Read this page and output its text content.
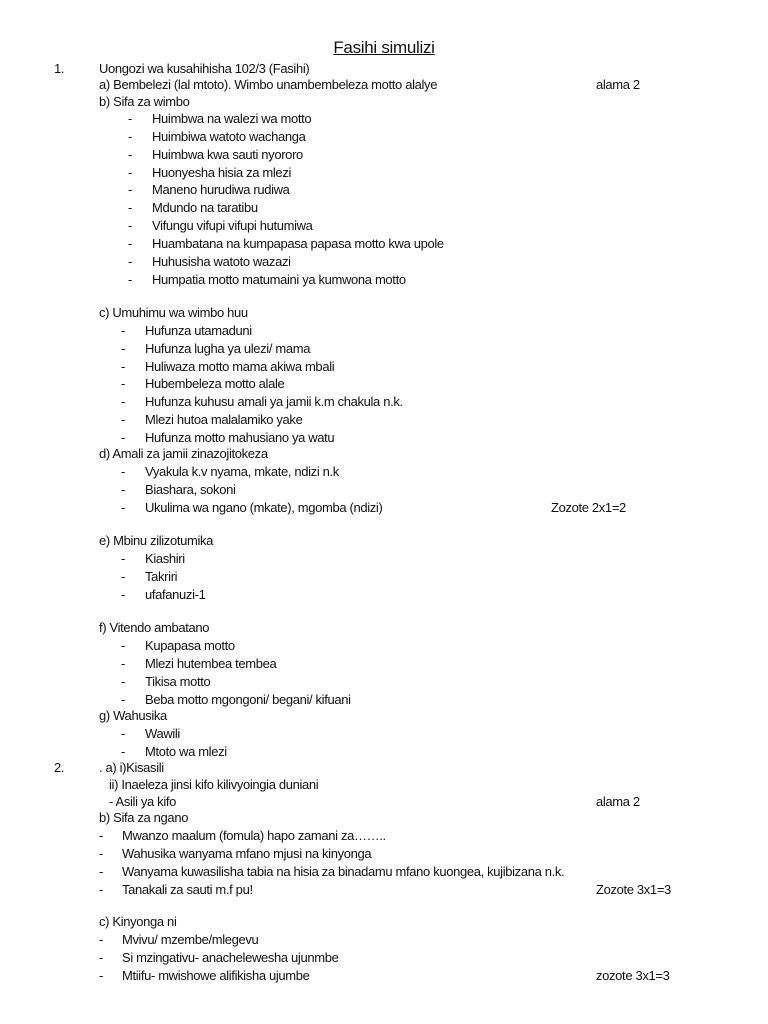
Fasihi simulizi
1.	Uongozi wa kusahihisha 102/3 (Fasihi)
a) Bembelezi (lal mtoto). Wimbo unambembeleza motto alalye	alama 2
b) Sifa za wimbo
- Huimbwa na walezi wa motto
- Huimbiwa watoto wachanga
- Huimbwa kwa sauti nyororo
- Huonyesha hisia za mlezi
- Maneno hurudiwa rudiwa
- Mdundo na taratibu
- Vifungu vifupi vifupi hutumiwa
- Huambatana na kumpapasa papasa motto kwa upole
- Huhusisha watoto wazazi
- Humpatia motto matumaini ya kumwona motto
c) Umuhimu wa wimbo huu
- Hufunza utamaduni
- Hufunza lugha ya ulezi/ mama
- Huliwaza motto mama akiwa mbali
- Hubembeleza motto alale
- Hufunza kuhusu amali ya jamii k.m chakula n.k.
- Mlezi hutoa malalamiko yake
- Hufunza motto mahusiano ya watu
d) Amali za jamii zinazojitokeza
- Vyakula k.v nyama, mkate, ndizi n.k
- Biashara, sokoni
- Ukulima wa ngano (mkate), mgomba (ndizi)	Zozote 2x1=2
e) Mbinu zilizotumika
- Kiashiri
- Takriri
- ufafanuzi-1
f) Vitendo ambatano
- Kupapasa motto
- Mlezi hutembea tembea
- Tikisa motto
- Beba motto mgongoni/ begani/ kifuani
g) Wahusika
- Wawili
- Mtoto wa mlezi
2.	. a) i)Kisasili
ii) Inaeleza jinsi kifo kilivyoingia duniani
- Asili ya kifo	alama 2
b) Sifa za ngano
- Mwanzo maalum (fomula) hapo zamani za……..
- Wahusika wanyama mfano mjusi na kinyonga
- Wanyama kuwasilisha tabia na hisia za binadamu mfano kuongea, kujibizana n.k.
- Tanakali za sauti m.f pu!	Zozote 3x1=3
c) Kinyonga ni
- Mvivu/ mzembe/mlegevu
- Si mzingativu- anachelewesha ujunmbe
- Mtiifu- mwishowe alifikisha ujumbe	zozote 3x1=3
